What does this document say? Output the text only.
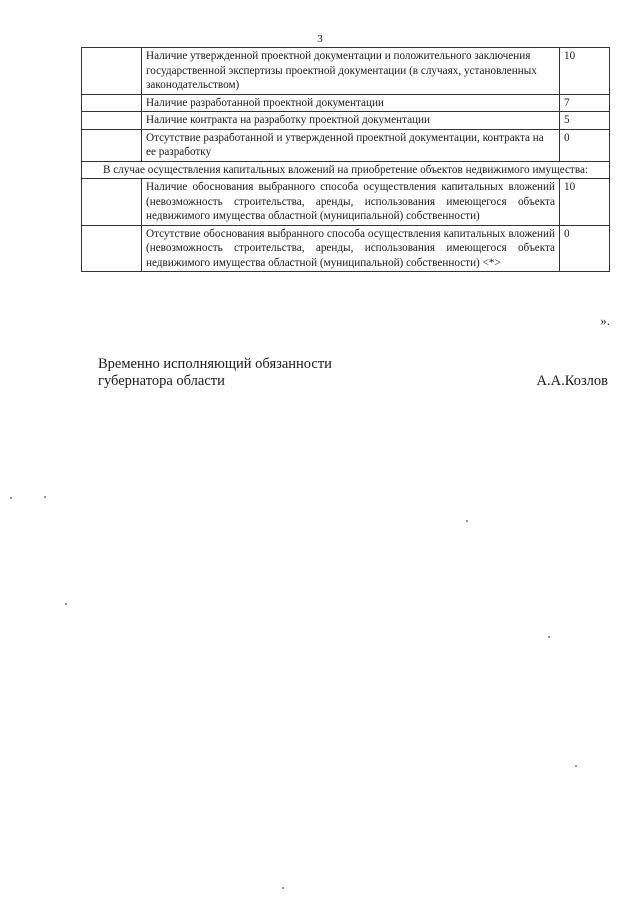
3
	Наличие утвержденной проектной документации и положительного заключения государственной экспертизы проектной документации (в случаях, установленных законодательством)	10
	Наличие разработанной проектной документации	7
	Наличие контракта на разработку проектной документации	5
	Отсутствие разработанной и утвержденной проектной документации, контракта на ее разработку	0
В случае осуществления капитальных вложений на приобретение объектов недвижимого имущества:		
	Наличие обоснования выбранного способа осуществления капитальных вложений (невозможность строительства, аренды, использования имеющегося объекта недвижимого имущества областной (муниципальной) собственности)	10
	Отсутствие обоснования выбранного способа осуществления капитальных вложений (невозможность строительства, аренды, использования имеющегося объекта недвижимого имущества областной (муниципальной) собственности) <*>	0
».
Временно исполняющий обязанности
губернатора области	А.А.Козлов
